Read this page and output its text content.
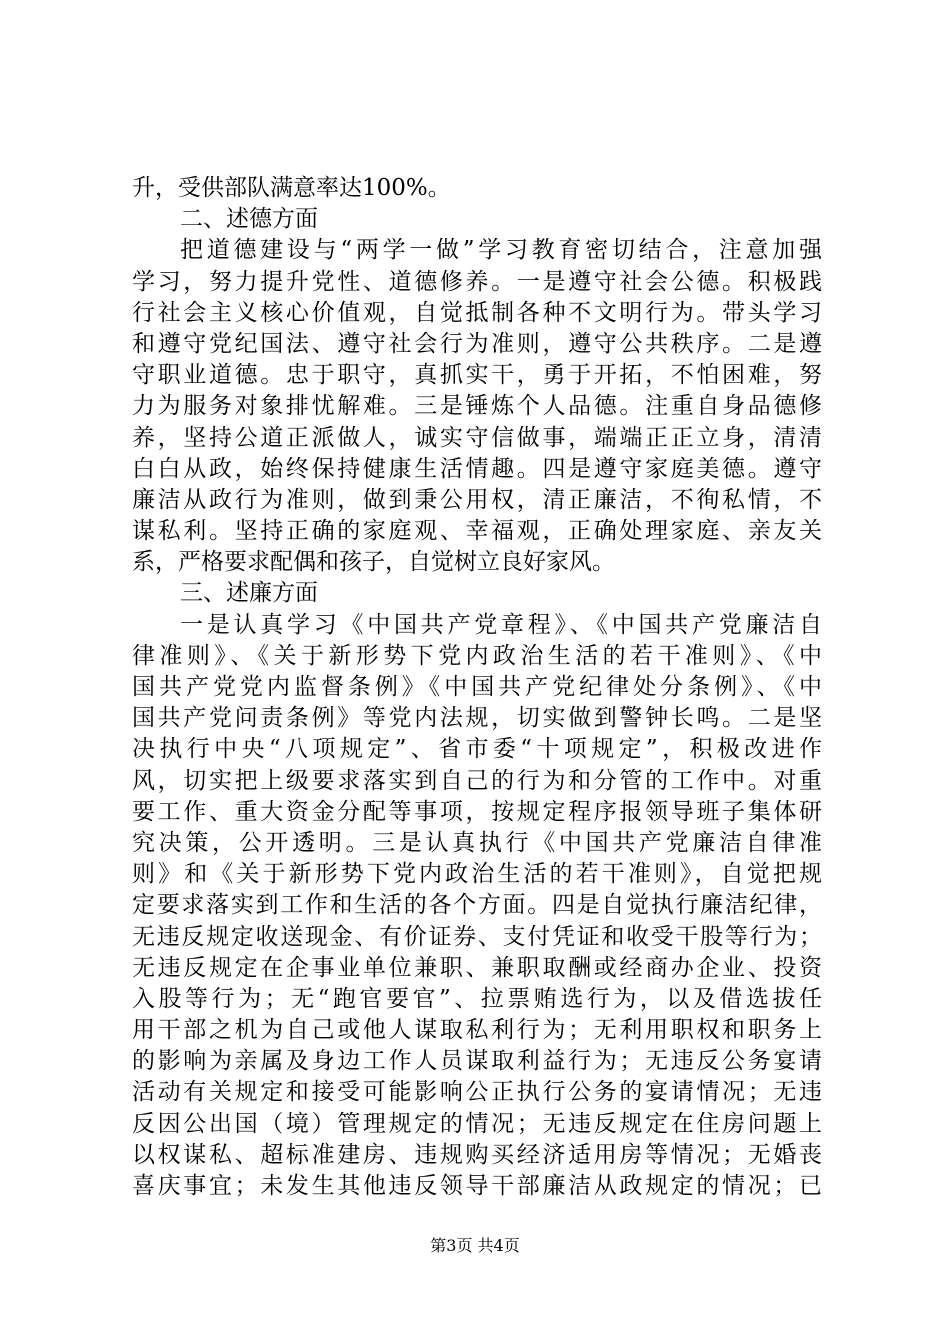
升，受供部队满意率达100%。
二、述德方面
把道德建设与“两学一做”学习教育密切结合，注意加强
学习，努力提升党性、道德修养。一是遵守社会公德。积极践
行社会主义核心价值观，自觉抵制各种不文明行为。带头学习
和遵守党纪国法、遵守社会行为准则，遵守公共秩序。二是遵
守职业道德。忠于职守，真抓实干，勇于开拓，不怕困难，努
力为服务对象排忧解难。三是锤炼个人品德。注重自身品德修
养，坚持公道正派做人，诚实守信做事，端端正正立身，清清
白白从政，始终保持健康生活情趣。四是遵守家庭美德。遵守
廉洁从政行为准则，做到秉公用权，清正廉洁，不徇私情，不
谋私利。坚持正确的家庭观、幸福观，正确处理家庭、亲友关
系，严格要求配偶和孩子，自觉树立良好家风。
三、述廉方面
一是认真学习《中国共产党章程》、《中国共产党廉洁自
律准则》、《关于新形势下党内政治生活的若干准则》、《中
国共产党党内监督条例》《中国共产党纪律处分条例》、《中
国共产党问责条例》等党内法规，切实做到警钟长鸣。二是坚
决执行中央“八项规定”、省市委“十项规定”，积极改进作
风，切实把上级要求落实到自己的行为和分管的工作中。对重
要工作、重大资金分配等事项，按规定程序报领导班子集体研
究决策，公开透明。三是认真执行《中国共产党廉洁自律准
则》和《关于新形势下党内政治生活的若干准则》，自觉把规
定要求落实到工作和生活的各个方面。四是自觉执行廉洁纪律，
无违反规定收送现金、有价证券、支付凭证和收受干股等行为；
无违反规定在企事业单位兼职、兼职取酬或经商办企业、投资
入股等行为；无“跑官要官”、拉票贿选行为，以及借选拔任
用干部之机为自己或他人谋取私利行为；无利用职权和职务上
的影响为亲属及身边工作人员谋取利益行为；无违反公务宴请
活动有关规定和接受可能影响公正执行公务的宴请情况；无违
反因公出国（境）管理规定的情况；无违反规定在住房问题上
以权谋私、超标准建房、违规购买经济适用房等情况；无婚丧
喜庆事宜；未发生其他违反领导干部廉洁从政规定的情况；已
第3页 共4页
